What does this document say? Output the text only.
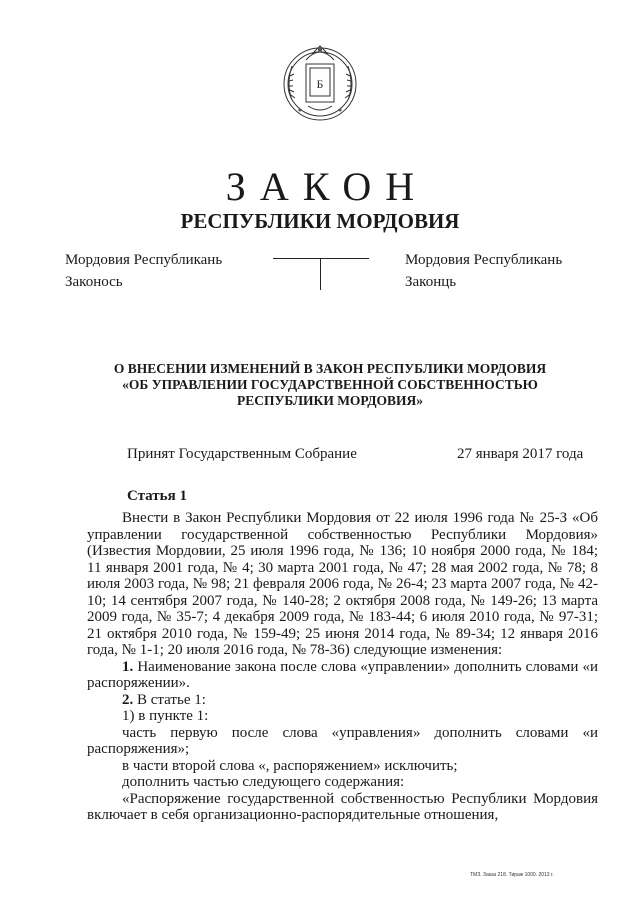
Б
ЗАКОН
РЕСПУБЛИКИ МОРДОВИЯ
Мордовия Республикань
Законось
Мордовия Республикань
Законць
О ВНЕСЕНИИ ИЗМЕНЕНИЙ В ЗАКОН РЕСПУБЛИКИ МОРДОВИЯ
«ОБ УПРАВЛЕНИИ ГОСУДАРСТВЕННОЙ СОБСТВЕННОСТЬЮ
РЕСПУБЛИКИ МОРДОВИЯ»
Принят Государственным Собрание	27 января 2017 года
Статья 1

Внести в Закон Республики Мордовия от 22 июля 1996 года № 25-З «Об управлении государственной собственностью Республики Мордовия» (Известия Мордовии, 25 июля 1996 года, № 136; 10 ноября 2000 года, № 184; 11 января 2001 года, № 4; 30 марта 2001 года, № 47; 28 мая 2002 года, № 78; 8 июля 2003 года, № 98; 21 февраля 2006 года, № 26-4; 23 марта 2007 года, № 42-10; 14 сентября 2007 года, № 140-28; 2 октября 2008 года, № 149-26; 13 марта 2009 года, № 35-7; 4 декабря 2009 года, № 183-44; 6 июля 2010 года, № 97-31; 21 октября 2010 года, № 159-49; 25 июня 2014 года, № 89-34; 12 января 2016 года, № 1-1; 20 июля 2016 года, № 78-36) следующие изменения:

1. Наименование закона после слова «управлении» дополнить словами «и распоряжении».

2. В статье 1:

1) в пункте 1:

часть первую после слова «управления» дополнить словами «и распоряжения»;

в части второй слова «, распоряжением» исключить;

дополнить частью следующего содержания:

«Распоряжение государственной собственностью Республики Мордовия включает в себя организационно-распорядительные отношения,

ТМЗ. Заказ 218. Тираж 1000. 2013 г.
